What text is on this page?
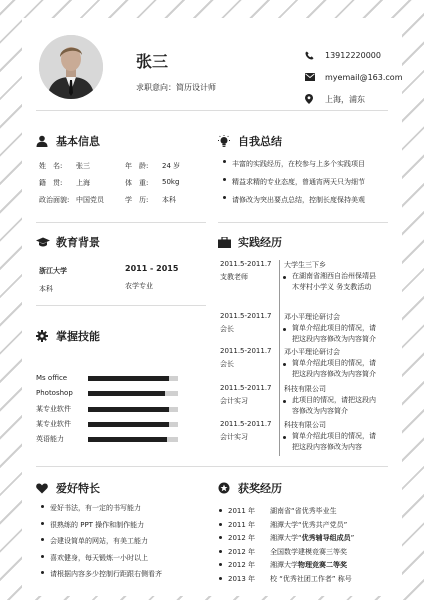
张三
求职意向：简历设计师
13912220000
myemail@163.com
上海，浦东
基本信息
姓　名: 张三	年　龄: 24 岁
籍　贯: 上海	体　重: 50kg
政治面貌: 中国党员	学　历: 本科
自我总结
丰富的实践经历，在校参与上多个实践项目
精益求精的专业态度，曾通宵两天只为细节
请修改为突出要点总结，控制长度保持美观
教育背景
浙江大学	2011 - 2015
本科	农学专业
掌握技能
Ms office
Photoshop
某专业软件
某专业软件
英语能力
实践经历
2011.5-2011.7
支教老师
大学生三下乡
在湖南省湘西自治州保靖县
木芽村小学义 务支教活动
2011.5-2011.7
会长
邓小平理论研讨会
简单介绍此项目的情况，请
把这段内容修改为内容简介
2011.5-2011.7
会长
邓小平理论研讨会
简单介绍此项目的情况，请
把这段内容修改为内容简介
2011.5-2011.7
会计实习
科技有限公司
此项目的情况，请把这段内
容修改为内容简介
2011.5-2011.7
会计实习
科技有限公司
简单介绍此项目的情况，请
把这段内容修改为内容
爱好特长
爱好书法，有一定的书写能力
很熟练的 PPT 操作和制作能力
会建设简单的网站，有美工能力
喜欢健身，每天锻炼一小时以上
请根据内容多少控制行距跟右侧看齐
获奖经历
2011 年 湖南省“省优秀毕业生
2011 年 湘潭大学“优秀共产党员”
2012 年 湘潭大学“优秀辅导组成员”
2012 年 全国数学建模竞赛三等奖
2012 年 湘潭大学物理竞赛二等奖
2013 年 校 “优秀社团工作者” 称号
